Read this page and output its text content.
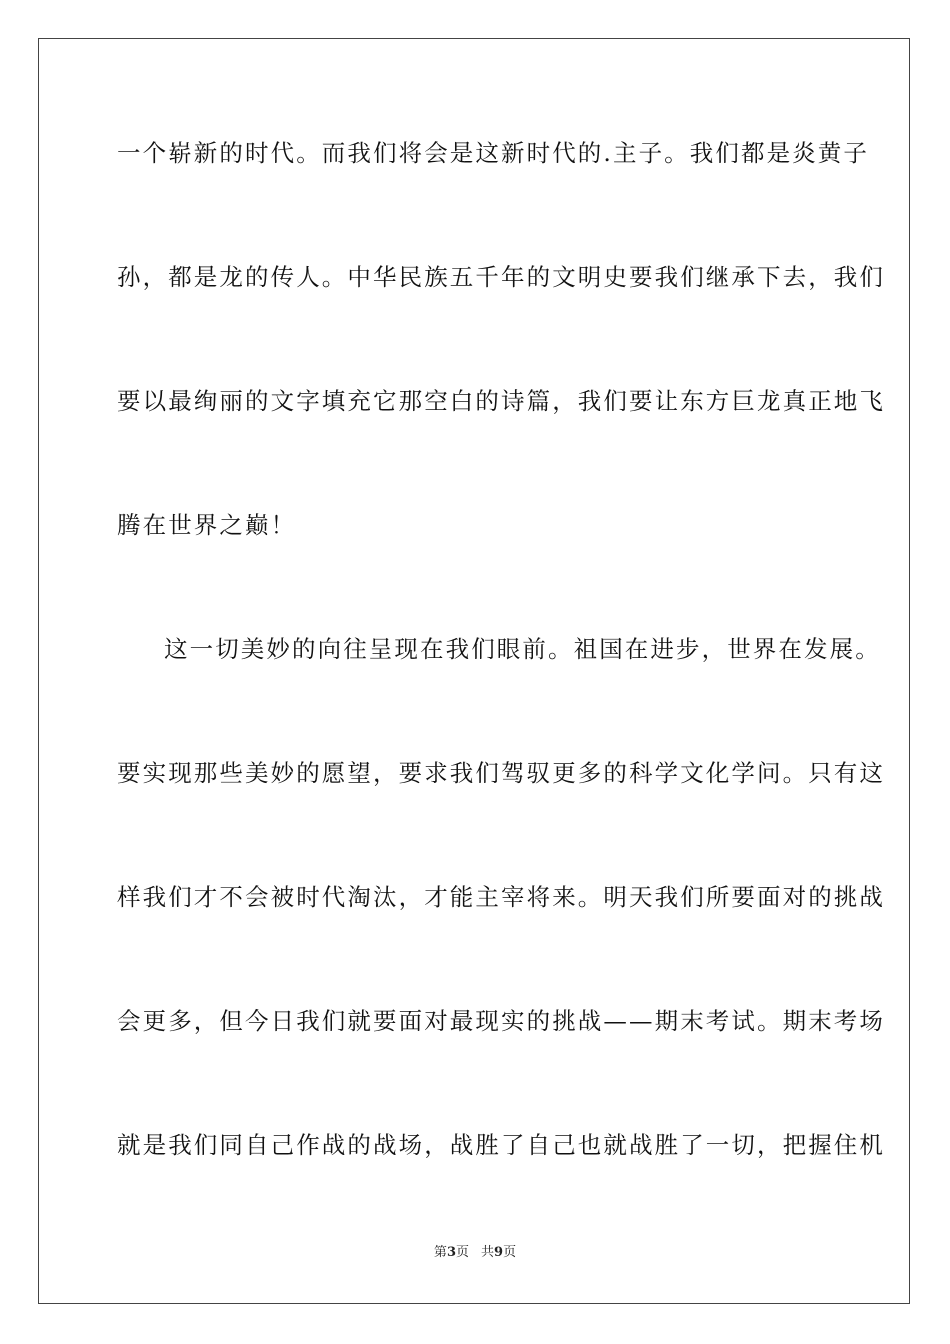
一个崭新的时代。而我们将会是这新时代的.主子。我们都是炎黄子
孙，都是龙的传人。中华民族五千年的文明史要我们继承下去，我们
要以最绚丽的文字填充它那空白的诗篇，我们要让东方巨龙真正地飞
腾在世界之巅！
这一切美妙的向往呈现在我们眼前。祖国在进步，世界在发展。
要实现那些美妙的愿望，要求我们驾驭更多的科学文化学问。只有这
样我们才不会被时代淘汰，才能主宰将来。明天我们所要面对的挑战
会更多，但今日我们就要面对最现实的挑战——期末考试。期末考场
就是我们同自己作战的战场，战胜了自己也就战胜了一切，把握住机
第3页 共9页
